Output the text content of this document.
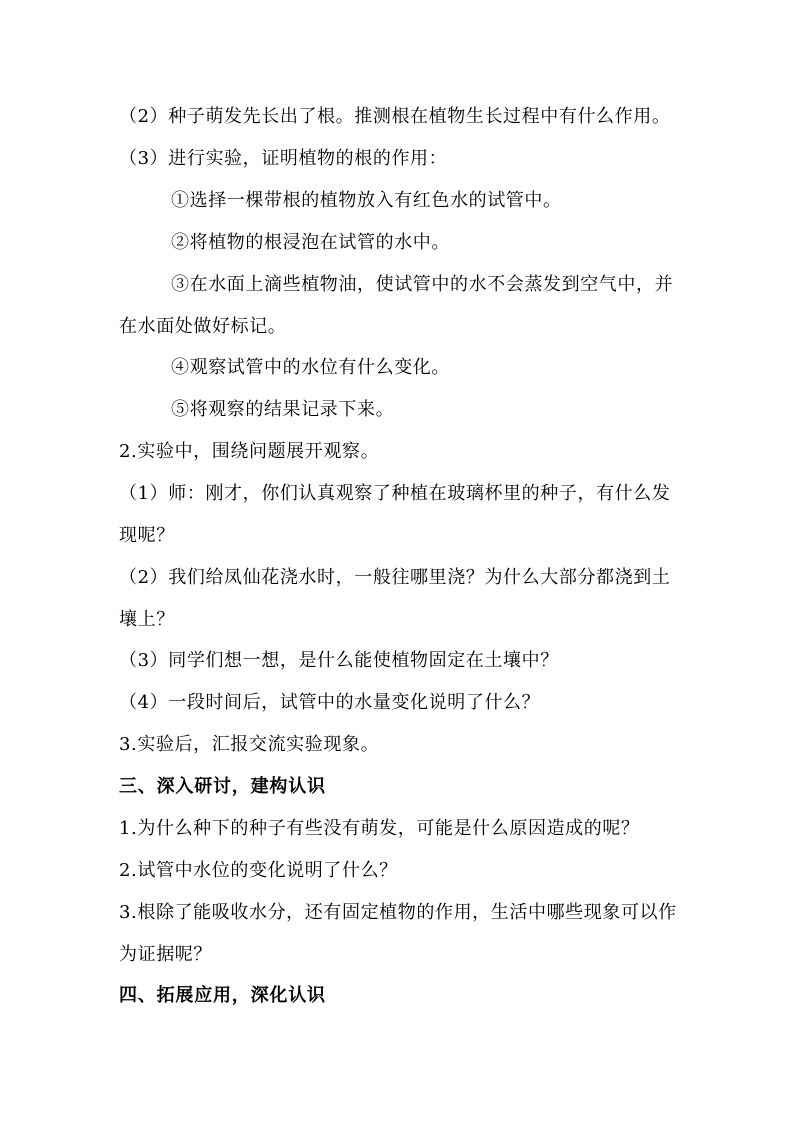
（2）种子萌发先长出了根。推测根在植物生长过程中有什么作用。
（3）进行实验，证明植物的根的作用：
①选择一棵带根的植物放入有红色水的试管中。
②将植物的根浸泡在试管的水中。
③在水面上滴些植物油，使试管中的水不会蒸发到空气中，并
在水面处做好标记。
④观察试管中的水位有什么变化。
⑤将观察的结果记录下来。
2.实验中，围绕问题展开观察。
（1）师：刚才，你们认真观察了种植在玻璃杯里的种子，有什么发
现呢？
（2）我们给凤仙花浇水时，一般往哪里浇？为什么大部分都浇到土
壤上？
（3）同学们想一想，是什么能使植物固定在土壤中？
（4）一段时间后，试管中的水量变化说明了什么？
3.实验后，汇报交流实验现象。
三、深入研讨，建构认识
1.为什么种下的种子有些没有萌发，可能是什么原因造成的呢？
2.试管中水位的变化说明了什么？
3.根除了能吸收水分，还有固定植物的作用，生活中哪些现象可以作
为证据呢？
四、拓展应用，深化认识
